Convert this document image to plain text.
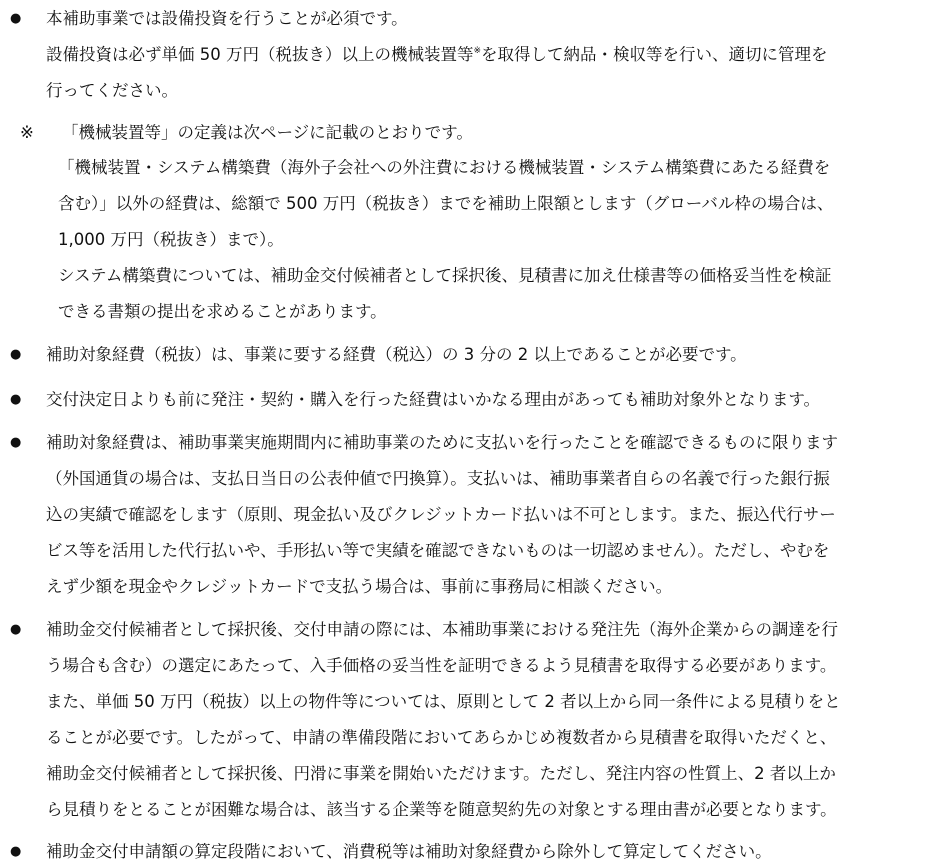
● 本補助事業では設備投資を行うことが必須です。
設備投資は必ず単価 50 万円（税抜き）以上の機械装置等※を取得して納品・検収等を行い、適切に管理を
行ってください。
※ 「機械装置等」の定義は次ページに記載のとおりです。
「機械装置・システム構築費（海外子会社への外注費における機械装置・システム構築費にあたる経費を
含む）」以外の経費は、総額で 500 万円（税抜き）までを補助上限額とします（グローバル枠の場合は、
1,000 万円（税抜き）まで）。
システム構築費については、補助金交付候補者として採択後、見積書に加え仕様書等の価格妥当性を検証
できる書類の提出を求めることがあります。
● 補助対象経費（税抜）は、事業に要する経費（税込）の 3 分の 2 以上であることが必要です。
● 交付決定日よりも前に発注・契約・購入を行った経費はいかなる理由があっても補助対象外となります。
● 補助対象経費は、補助事業実施期間内に補助事業のために支払いを行ったことを確認できるものに限ります
（外国通貨の場合は、支払日当日の公表仲値で円換算）。支払いは、補助事業者自らの名義で行った銀行振
込の実績で確認をします（原則、現金払い及びクレジットカード払いは不可とします。また、振込代行サー
ビス等を活用した代行払いや、手形払い等で実績を確認できないものは一切認めません）。ただし、やむを
えず少額を現金やクレジットカードで支払う場合は、事前に事務局に相談ください。
● 補助金交付候補者として採択後、交付申請の際には、本補助事業における発注先（海外企業からの調達を行
う場合も含む）の選定にあたって、入手価格の妥当性を証明できるよう見積書を取得する必要があります。
また、単価 50 万円（税抜）以上の物件等については、原則として 2 者以上から同一条件による見積りをと
ることが必要です。したがって、申請の準備段階においてあらかじめ複数者から見積書を取得いただくと、
補助金交付候補者として採択後、円滑に事業を開始いただけます。ただし、発注内容の性質上、2 者以上か
ら見積りをとることが困難な場合は、該当する企業等を随意契約先の対象とする理由書が必要となります。
● 補助金交付申請額の算定段階において、消費税等は補助対象経費から除外して算定してください。
